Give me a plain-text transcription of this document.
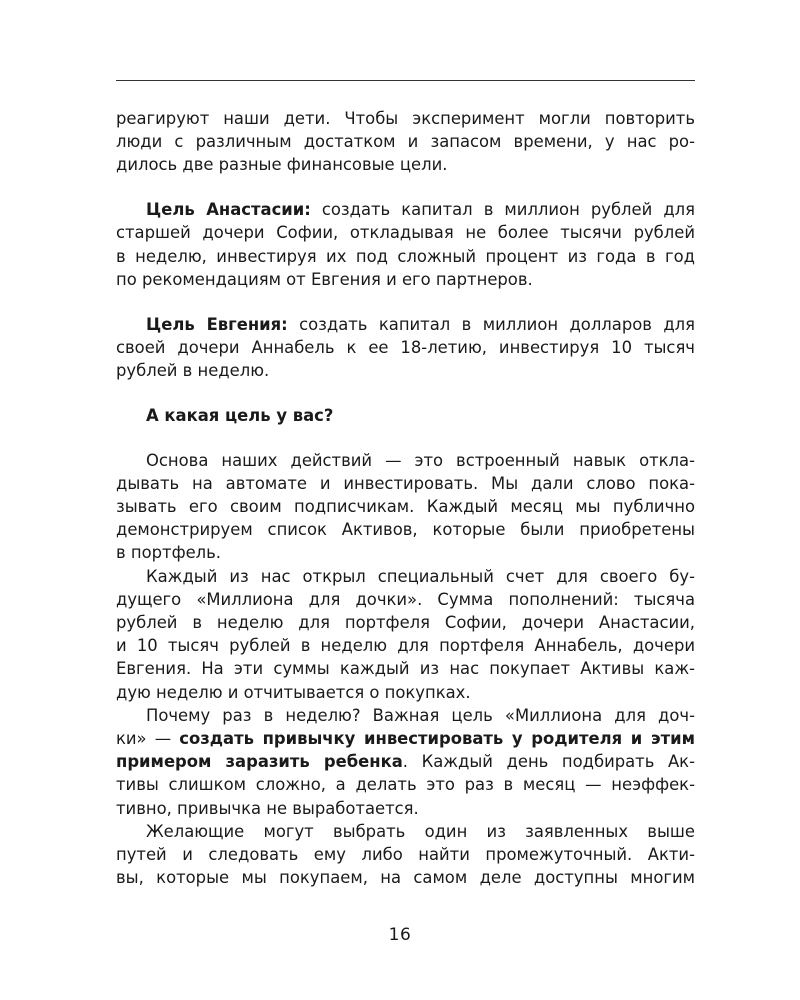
реагируют наши дети. Чтобы эксперимент могли повторить
люди с различным достатком и запасом времени, у нас ро-
дилось две разные финансовые цели.
Цель Анастасии: создать капитал в миллион рублей для
старшей дочери Софии, откладывая не более тысячи рублей
в неделю, инвестируя их под сложный процент из года в год
по рекомендациям от Евгения и его партнеров.
Цель Евгения: создать капитал в миллион долларов для
своей дочери Аннабель к ее 18-летию, инвестируя 10 тысяч
рублей в неделю.
А какая цель у вас?
Основа наших действий — это встроенный навык откла-
дывать на автомате и инвестировать. Мы дали слово пока-
зывать его своим подписчикам. Каждый месяц мы публично
демонстрируем список Активов, которые были приобретены
в портфель.
Каждый из нас открыл специальный счет для своего бу-
дущего «Миллиона для дочки». Сумма пополнений: тысяча
рублей в неделю для портфеля Софии, дочери Анастасии,
и 10 тысяч рублей в неделю для портфеля Аннабель, дочери
Евгения. На эти суммы каждый из нас покупает Активы каж-
дую неделю и отчитывается о покупках.
Почему раз в неделю? Важная цель «Миллиона для доч-
ки» — создать привычку инвестировать у родителя и этим
примером заразить ребенка. Каждый день подбирать Ак-
тивы слишком сложно, а делать это раз в месяц — неэффек-
тивно, привычка не выработается.
Желающие могут выбрать один из заявленных выше
путей и следовать ему либо найти промежуточный. Акти-
вы, которые мы покупаем, на самом деле доступны многим
16
